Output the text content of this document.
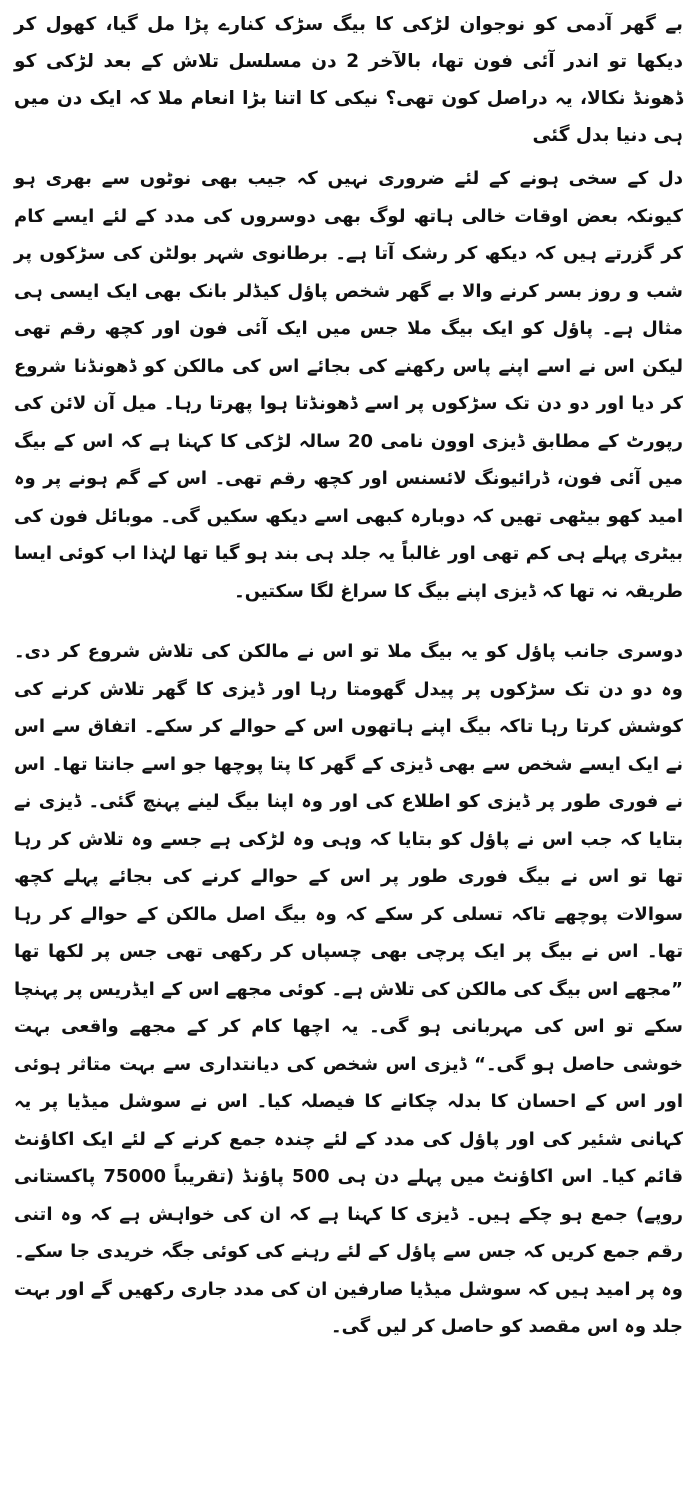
بے گھر آدمی کو نوجوان لڑکی کا بیگ سڑک کنارے پڑا مل گیا، کھول کر دیکھا تو اندر آئی فون تھا، بالآخر 2 دن مسلسل تلاش کے بعد لڑکی کو ڈھونڈ نکالا، یہ دراصل کون تھی؟ نیکی کا اتنا بڑا انعام ملا کہ ایک دن میں ہی دنیا بدل گئی

دل کے سخی ہونے کے لئے ضروری نہیں کہ جیب بھی نوٹوں سے بھری ہو کیونکہ بعض اوقات خالی ہاتھ لوگ بھی دوسروں کی مدد کے لئے ایسے کام کر گزرتے ہیں کہ دیکھ کر رشک آتا ہے۔ برطانوی شہر بولٹن کی سڑکوں پر شب و روز بسر کرنے والا بے گھر شخص پاؤل کیڈلر بانک بھی ایک ایسی ہی مثال ہے۔ پاؤل کو ایک بیگ ملا جس میں ایک آئی فون اور کچھ رقم تھی لیکن اس نے اسے اپنے پاس رکھنے کی بجائے اس کی مالکن کو ڈھونڈنا شروع کر دیا اور دو دن تک سڑکوں پر اسے ڈھونڈتا ہوا پھرتا رہا۔ میل آن لائن کی رپورٹ کے مطابق ڈیزی اوون نامی 20 سالہ لڑکی کا کہنا ہے کہ اس کے بیگ میں آئی فون، ڈرائیونگ لائسنس اور کچھ رقم تھی۔ اس کے گم ہونے پر وہ امید کھو بیٹھی تھیں کہ دوبارہ کبھی اسے دیکھ سکیں گی۔ موبائل فون کی بیٹری پہلے ہی کم تھی اور غالباً یہ جلد ہی بند ہو گیا تھا لہٰذا اب کوئی ایسا طریقہ نہ تھا کہ ڈیزی اپنے بیگ کا سراغ لگا سکتیں۔

دوسری جانب پاؤل کو یہ بیگ ملا تو اس نے مالکن کی تلاش شروع کر دی۔ وہ دو دن تک سڑکوں پر پیدل گھومتا رہا اور ڈیزی کا گھر تلاش کرنے کی کوشش کرتا رہا تاکہ بیگ اپنے ہاتھوں اس کے حوالے کر سکے۔ اتفاق سے اس نے ایک ایسے شخص سے بھی ڈیزی کے گھر کا پتا پوچھا جو اسے جانتا تھا۔ اس نے فوری طور پر ڈیزی کو اطلاع کی اور وہ اپنا بیگ لینے پہنچ گئی۔ ڈیزی نے بتایا کہ جب اس نے پاؤل کو بتایا کہ وہی وہ لڑکی ہے جسے وہ تلاش کر رہا تھا تو اس نے بیگ فوری طور پر اس کے حوالے کرنے کی بجائے پہلے کچھ سوالات پوچھے تاکہ تسلی کر سکے کہ وہ بیگ اصل مالکن کے حوالے کر رہا تھا۔ اس نے بیگ پر ایک پرچی بھی چسپاں کر رکھی تھی جس پر لکھا تھا ”مجھے اس بیگ کی مالکن کی تلاش ہے۔ کوئی مجھے اس کے ایڈریس پر پہنچا سکے تو اس کی مہربانی ہو گی۔ یہ اچھا کام کر کے مجھے واقعی بہت خوشی حاصل ہو گی۔“ ڈیزی اس شخص کی دیانتداری سے بہت متاثر ہوئی اور اس کے احسان کا بدلہ چکانے کا فیصلہ کیا۔ اس نے سوشل میڈیا پر یہ کہانی شئیر کی اور پاؤل کی مدد کے لئے چندہ جمع کرنے کے لئے ایک اکاؤنٹ قائم کیا۔ اس اکاؤنٹ میں پہلے دن ہی 500 پاؤنڈ (تقریباً 75000 پاکستانی روپے) جمع ہو چکے ہیں۔ ڈیزی کا کہنا ہے کہ ان کی خواہش ہے کہ وہ اتنی رقم جمع کریں کہ جس سے پاؤل کے لئے رہنے کی کوئی جگہ خریدی جا سکے۔ وہ پر امید ہیں کہ سوشل میڈیا صارفین ان کی مدد جاری رکھیں گے اور بہت جلد وہ اس مقصد کو حاصل کر لیں گی۔
